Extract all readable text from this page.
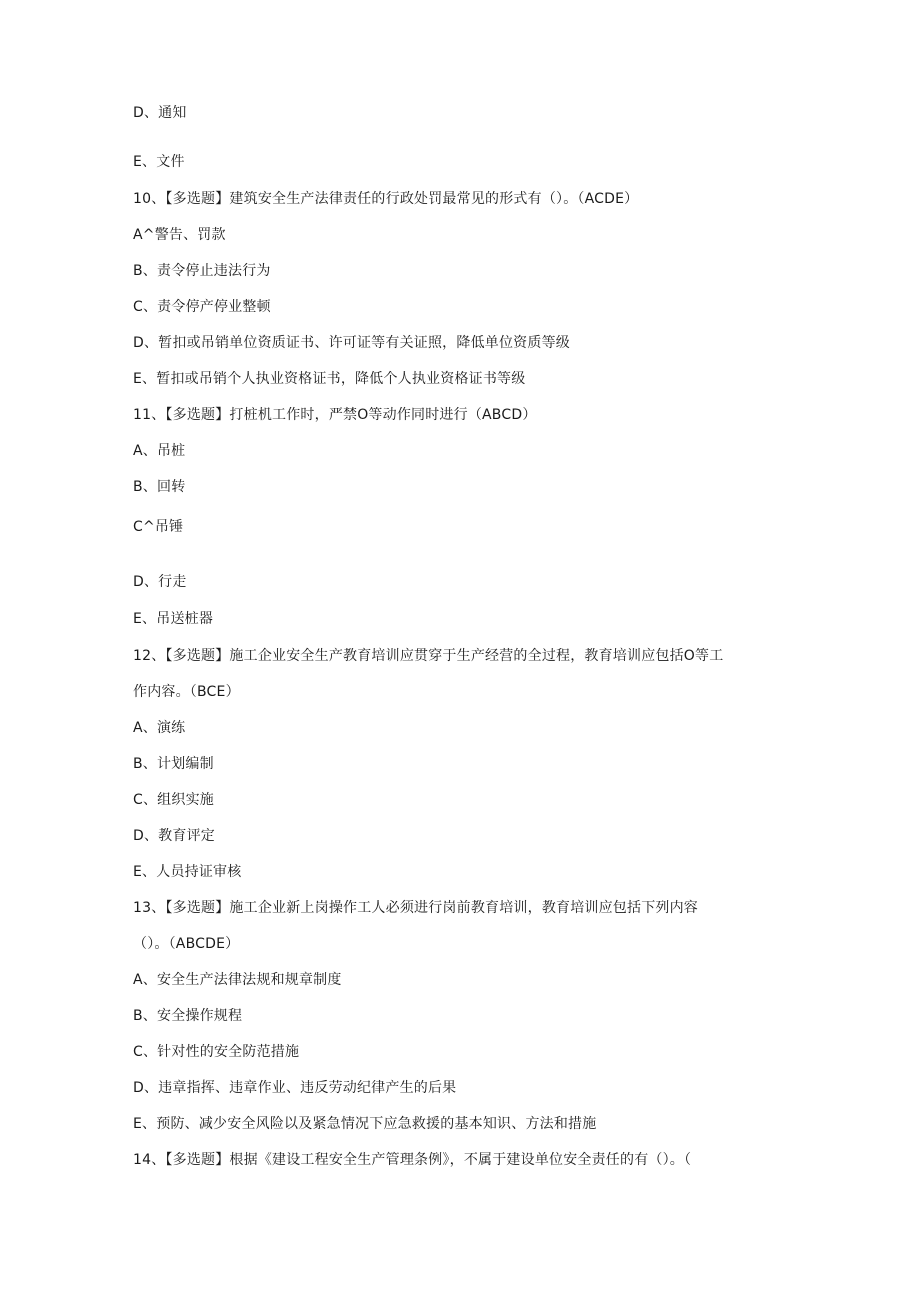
D、通知
E、文件
10、【多选题】建筑安全生产法律责任的行政处罚最常见的形式有（）。（ACDE）
A^警告、罚款
B、责令停止违法行为
C、责令停产停业整顿
D、暂扣或吊销单位资质证书、许可证等有关证照，降低单位资质等级
E、暂扣或吊销个人执业资格证书，降低个人执业资格证书等级
11、【多选题】打桩机工作时，严禁O等动作同时进行（ABCD）
A、吊桩
B、回转
C^吊锤
D、行走
E、吊送桩器
12、【多选题】施工企业安全生产教育培训应贯穿于生产经营的全过程，教育培训应包括O等工
作内容。（BCE）
A、演练
B、计划编制
C、组织实施
D、教育评定
E、人员持证审核
13、【多选题】施工企业新上岗操作工人必须进行岗前教育培训，教育培训应包括下列内容
（）。（ABCDE）
A、安全生产法律法规和规章制度
B、安全操作规程
C、针对性的安全防范措施
D、违章指挥、违章作业、违反劳动纪律产生的后果
E、预防、减少安全风险以及紧急情况下应急救援的基本知识、方法和措施
14、【多选题】根据《建设工程安全生产管理条例》，不属于建设单位安全责任的有（）。（
